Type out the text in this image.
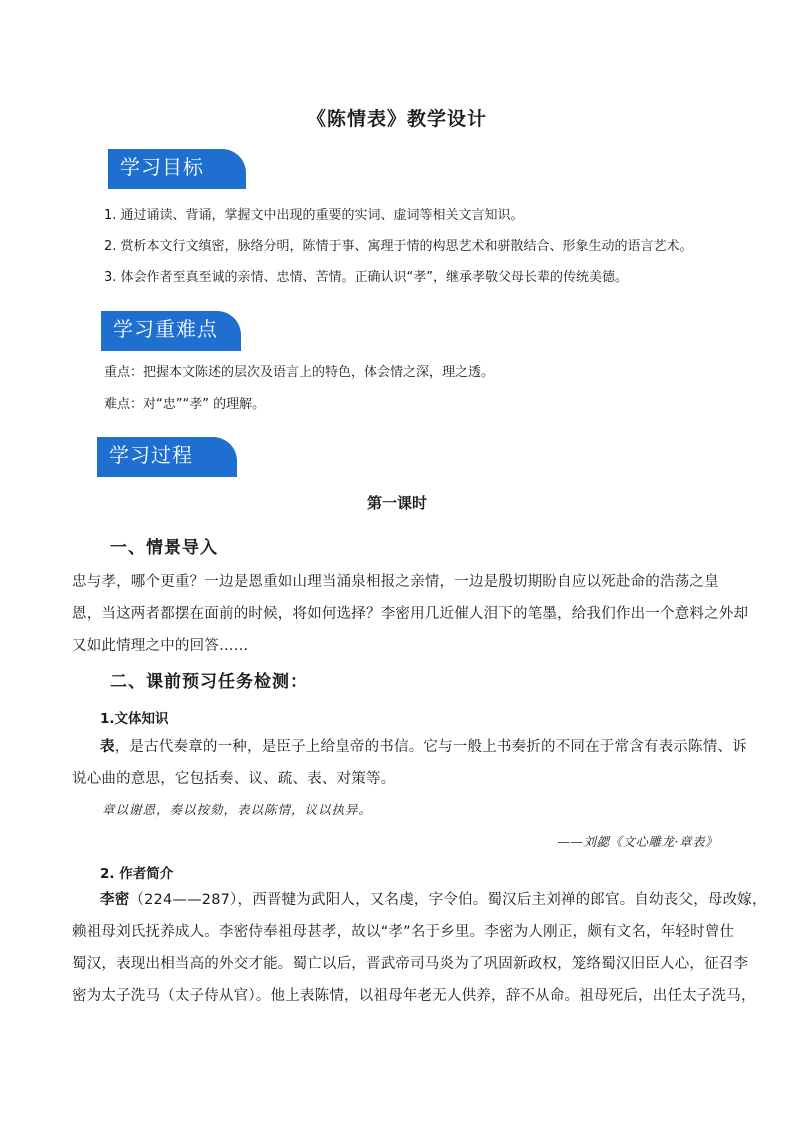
《陈情表》教学设计
学习目标
1. 通过诵读、背诵，掌握文中出现的重要的实词、虚词等相关文言知识。
2. 赏析本文行文缜密，脉络分明，陈情于事、寓理于情的构思艺术和骈散结合、形象生动的语言艺术。
3. 体会作者至真至诚的亲情、忠情、苦情。正确认识“孝”，继承孝敬父母长辈的传统美德。
学习重难点
重点：把握本文陈述的层次及语言上的特色，体会情之深，理之透。
难点：对“忠”“孝” 的理解。
学习过程
第一课时
一、情景导入
忠与孝，哪个更重？一边是恩重如山理当涌泉相报之亲情，一边是殷切期盼自应以死赴命的浩荡之皇
恩，当这两者都摆在面前的时候，将如何选择？李密用几近催人泪下的笔墨，给我们作出一个意料之外却
又如此情理之中的回答……
二、课前预习任务检测：
1.文体知识
表，是古代奏章的一种，是臣子上给皇帝的书信。它与一般上书奏折的不同在于常含有表示陈情、诉
说心曲的意思，它包括奏、议、疏、表、对策等。
章以谢恩，奏以按劾，表以陈情，议以执异。
——刘勰《文心雕龙·章表》
2. 作者简介
李密（224——287），西晋犍为武阳人，又名虔，字令伯。蜀汉后主刘禅的郎官。自幼丧父，母改嫁，
赖祖母刘氏抚养成人。李密侍奉祖母甚孝，故以“孝”名于乡里。李密为人刚正，颇有文名，年轻时曾仕
蜀汉，表现出相当高的外交才能。蜀亡以后，晋武帝司马炎为了巩固新政权，笼络蜀汉旧臣人心，征召李
密为太子洗马（太子侍从官）。他上表陈情，以祖母年老无人供养，辞不从命。祖母死后，出任太子洗马，
